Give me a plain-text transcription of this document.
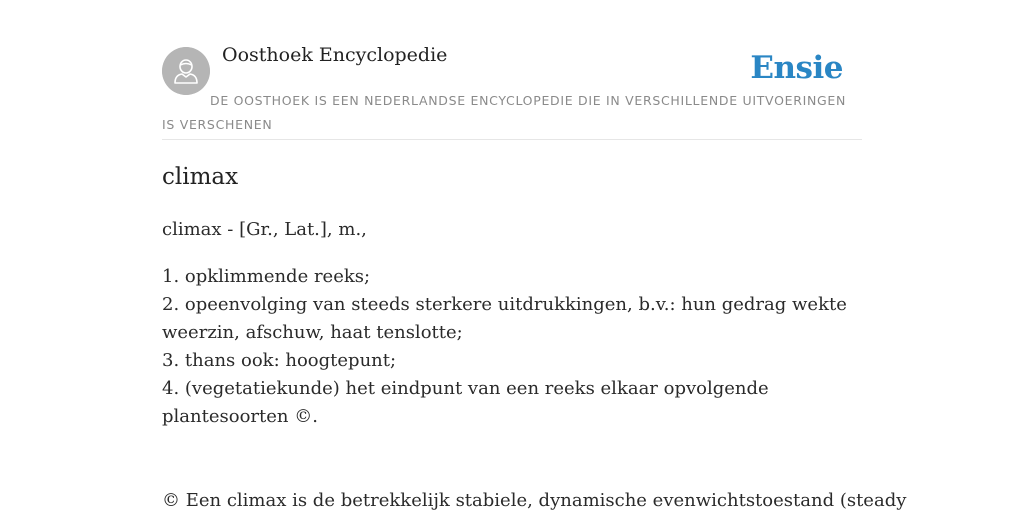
Oosthoek Encyclopedie	Ensie
DE OOSTHOEK IS EEN NEDERLANDSE ENCYCLOPEDIE DIE IN VERSCHILLENDE UITVOERINGEN IS VERSCHENEN
climax
climax - [Gr., Lat.], m.,
1. opklimmende reeks;
2. opeenvolging van steeds sterkere uitdrukkingen, b.v.: hun gedrag wekte weerzin, afschuw, haat tenslotte;
3. thans ook: hoogtepunt;
4. (vegetatiekunde) het eindpunt van een reeks elkaar opvolgende plantesoorten ©.
© Een climax is de betrekkelijk stabiele, dynamische evenwichtstoestand (steady
